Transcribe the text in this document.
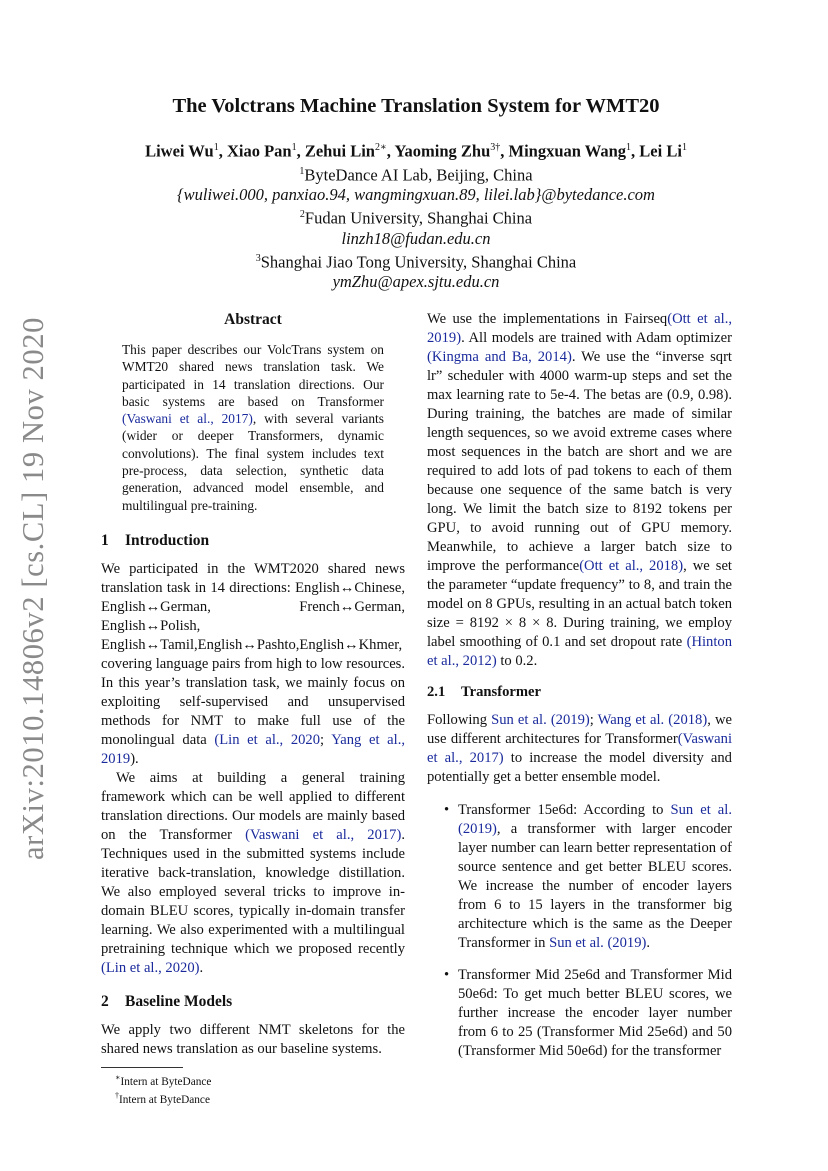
arXiv:2010.14806v2 [cs.CL] 19 Nov 2020
The Volctrans Machine Translation System for WMT20
Liwei Wu$^1$, Xiao Pan$^1$, Zehui Lin$^{2∗}$, Yaoming Zhu$^{3\dagger}$, Mingxuan Wang$^1$, Lei Li$^1$
$^1$ByteDance AI Lab, Beijing, China
{wuliwei.000, panxiao.94, wangmingxuan.89, lilei.lab}@bytedance.com
$^2$Fudan University, Shanghai China
linzh18@fudan.edu.cn
$^3$Shanghai Jiao Tong University, Shanghai China
ymZhu@apex.sjtu.edu.cn
Abstract

This paper describes our VolcTrans system on WMT20 shared news translation task. We participated in 14 translation directions. Our basic systems are based on Transformer (Vaswani et al., 2017), with several variants (wider or deeper Transformers, dynamic convolutions). The final system includes text pre-process, data selection, synthetic data generation, advanced model ensemble, and multilingual pre-training.

1 Introduction

We participated in the WMT2020 shared news translation task in 14 directions: English↔Chinese, English↔German, French↔German, English↔Polish, English↔Tamil,English↔Pashto,English↔Khmer, covering language pairs from high to low resources. In this year’s translation task, we mainly focus on exploiting self-supervised and unsupervised methods for NMT to make full use of the monolingual data (Lin et al., 2020; Yang et al., 2019).

We aims at building a general training framework which can be well applied to different translation directions. Our models are mainly based on the Transformer (Vaswani et al., 2017). Techniques used in the submitted systems include iterative back-translation, knowledge distillation. We also employed several tricks to improve in-domain BLEU scores, typically in-domain transfer learning. We also experimented with a multilingual pretraining technique which we proposed recently (Lin et al., 2020).

2 Baseline Models

We apply two different NMT skeletons for the shared news translation as our baseline systems.

∗Intern at ByteDance

†Intern at ByteDance

We use the implementations in Fairseq(Ott et al., 2019). All models are trained with Adam optimizer (Kingma and Ba, 2014). We use the “inverse sqrt lr” scheduler with 4000 warm-up steps and set the max learning rate to 5e-4. The betas are (0.9, 0.98). During training, the batches are made of similar length sequences, so we avoid extreme cases where most sequences in the batch are short and we are required to add lots of pad tokens to each of them because one sequence of the same batch is very long. We limit the batch size to 8192 tokens per GPU, to avoid running out of GPU memory. Meanwhile, to achieve a larger batch size to improve the performance(Ott et al., 2018), we set the parameter “update frequency” to 8, and train the model on 8 GPUs, resulting in an actual batch token size = 8192 × 8 × 8. During training, we employ label smoothing of 0.1 and set dropout rate (Hinton et al., 2012) to 0.2.

2.1 Transformer

Following Sun et al. (2019); Wang et al. (2018), we use different architectures for Transformer(Vaswani et al., 2017) to increase the model diversity and potentially get a better ensemble model.

• Transformer 15e6d: According to Sun et al. (2019), a transformer with larger encoder layer number can learn better representation of source sentence and get better BLEU scores. We increase the number of encoder layers from 6 to 15 layers in the transformer big architecture which is the same as the Deeper Transformer in Sun et al. (2019).

• Transformer Mid 25e6d and Transformer Mid 50e6d: To get much better BLEU scores, we further increase the encoder layer number from 6 to 25 (Transformer Mid 25e6d) and 50 (Transformer Mid 50e6d) for the transformer
